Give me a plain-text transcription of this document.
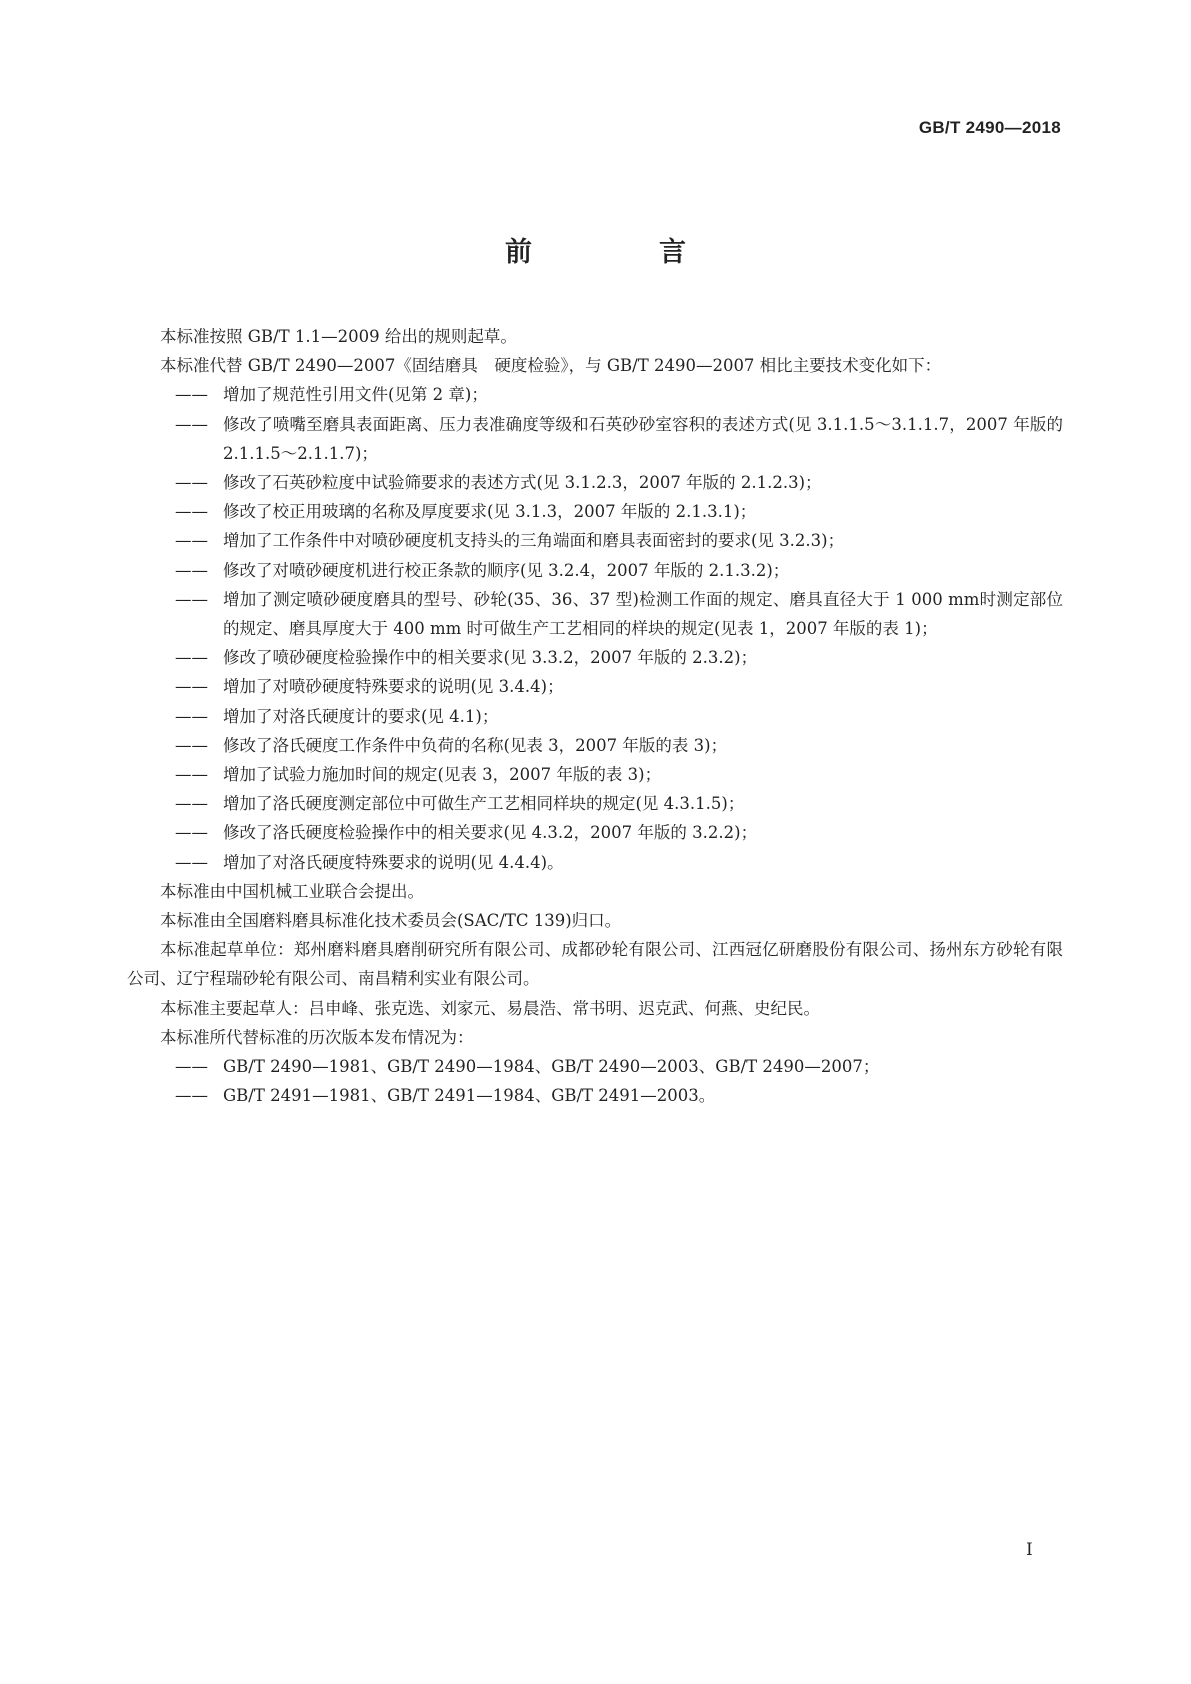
GB/T 2490—2018
前　言

本标准按照 GB/T 1.1—2009 给出的规则起草。

本标准代替 GB/T 2490—2007《固结磨具　硬度检验》，与 GB/T 2490—2007 相比主要技术变化如下：

—— 增加了规范性引用文件(见第 2 章)；

—— 修改了喷嘴至磨具表面距离、压力表准确度等级和石英砂砂室容积的表述方式(见 3.1.1.5～3.1.1.7，2007 年版的 2.1.1.5～2.1.1.7)；

—— 修改了石英砂粒度中试验筛要求的表述方式(见 3.1.2.3，2007 年版的 2.1.2.3)；

—— 修改了校正用玻璃的名称及厚度要求(见 3.1.3，2007 年版的 2.1.3.1)；

—— 增加了工作条件中对喷砂硬度机支持头的三角端面和磨具表面密封的要求(见 3.2.3)；

—— 修改了对喷砂硬度机进行校正条款的顺序(见 3.2.4，2007 年版的 2.1.3.2)；

—— 增加了测定喷砂硬度磨具的型号、砂轮(35、36、37 型)检测工作面的规定、磨具直径大于 1 000 mm时测定部位的规定、磨具厚度大于 400 mm 时可做生产工艺相同的样块的规定(见表 1，2007 年版的表 1)；

—— 修改了喷砂硬度检验操作中的相关要求(见 3.3.2，2007 年版的 2.3.2)；

—— 增加了对喷砂硬度特殊要求的说明(见 3.4.4)；

—— 增加了对洛氏硬度计的要求(见 4.1)；

—— 修改了洛氏硬度工作条件中负荷的名称(见表 3，2007 年版的表 3)；

—— 增加了试验力施加时间的规定(见表 3，2007 年版的表 3)；

—— 增加了洛氏硬度测定部位中可做生产工艺相同样块的规定(见 4.3.1.5)；

—— 修改了洛氏硬度检验操作中的相关要求(见 4.3.2，2007 年版的 3.2.2)；

—— 增加了对洛氏硬度特殊要求的说明(见 4.4.4)。

本标准由中国机械工业联合会提出。

本标准由全国磨料磨具标准化技术委员会(SAC/TC 139)归口。

本标准起草单位：郑州磨料磨具磨削研究所有限公司、成都砂轮有限公司、江西冠亿研磨股份有限公司、扬州东方砂轮有限公司、辽宁程瑞砂轮有限公司、南昌精利实业有限公司。

本标准主要起草人：吕申峰、张克选、刘家元、易晨浩、常书明、迟克武、何燕、史纪民。

本标准所代替标准的历次版本发布情况为：

—— GB/T 2490—1981、GB/T 2490—1984、GB/T 2490—2003、GB/T 2490—2007；

—— GB/T 2491—1981、GB/T 2491—1984、GB/T 2491—2003。

I
